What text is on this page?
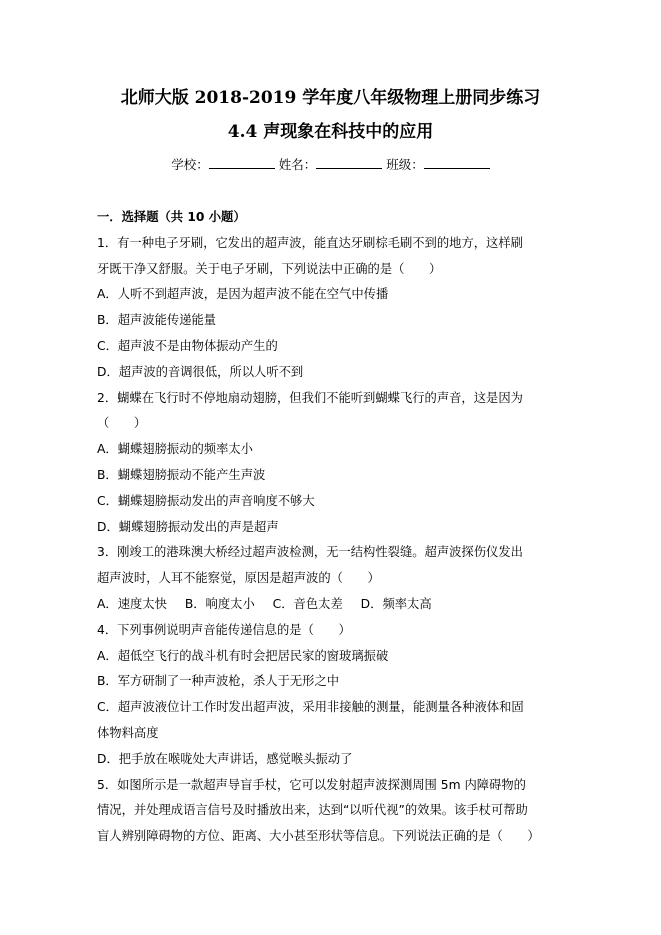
北师大版 2018-2019 学年度八年级物理上册同步练习
4.4 声现象在科技中的应用
学校：	姓名：	班级：
一．选择题（共 10 小题）
1．有一种电子牙刷，它发出的超声波，能直达牙刷棕毛刷不到的地方，这样刷
牙既干净又舒服。关于电子牙刷，下列说法中正确的是（　　）
A．人听不到超声波，是因为超声波不能在空气中传播
B．超声波能传递能量
C．超声波不是由物体振动产生的
D．超声波的音调很低，所以人听不到
2．蝴蝶在飞行时不停地扇动翅膀，但我们不能听到蝴蝶飞行的声音，这是因为
（　　）
A．蝴蝶翅膀振动的频率太小
B．蝴蝶翅膀振动不能产生声波
C．蝴蝶翅膀振动发出的声音响度不够大
D．蝴蝶翅膀振动发出的声是超声
3．刚竣工的港珠澳大桥经过超声波检测，无一结构性裂缝。超声波探伤仪发出
超声波时，人耳不能察觉，原因是超声波的（　　）
A．速度太快 B．响度太小 C．音色太差 D．频率太高
4．下列事例说明声音能传递信息的是（　　）
A．超低空飞行的战斗机有时会把居民家的窗玻璃振破
B．军方研制了一种声波枪，杀人于无形之中
C．超声波液位计工作时发出超声波，采用非接触的测量，能测量各种液体和固
体物料高度
D．把手放在喉咙处大声讲话，感觉喉头振动了
5．如图所示是一款超声导盲手杖，它可以发射超声波探测周围 5m 内障碍物的
情况，并处理成语言信号及时播放出来，达到“以听代视”的效果。该手杖可帮助
盲人辨别障碍物的方位、距离、大小甚至形状等信息。下列说法正确的是（　　）
